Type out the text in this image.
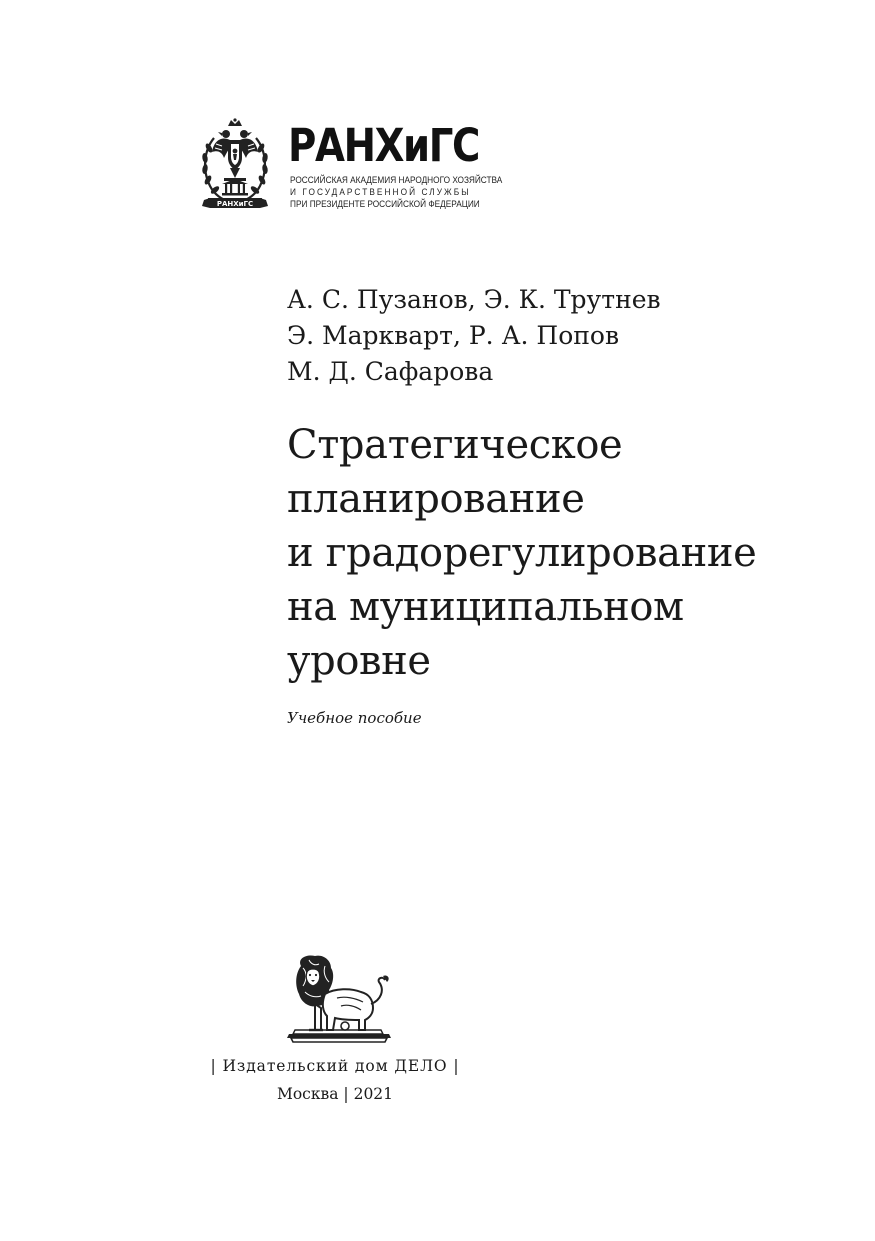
РАНХиГС
РАНХиГС
РОССИЙСКАЯ АКАДЕМИЯ НАРОДНОГО ХОЗЯЙСТВА
И ГОСУДАРСТВЕННОЙ СЛУЖБЫ
ПРИ ПРЕЗИДЕНТЕ РОССИЙСКОЙ ФЕДЕРАЦИИ
А. С. Пузанов, Э. К. Трутнев
Э. Маркварт, Р. А. Попов
М. Д. Сафарова
Стратегическое
планирование
и градорегулирование
на муниципальном
уровне
Учебное пособие
| Издательский дом ДЕЛО |
Москва | 2021
